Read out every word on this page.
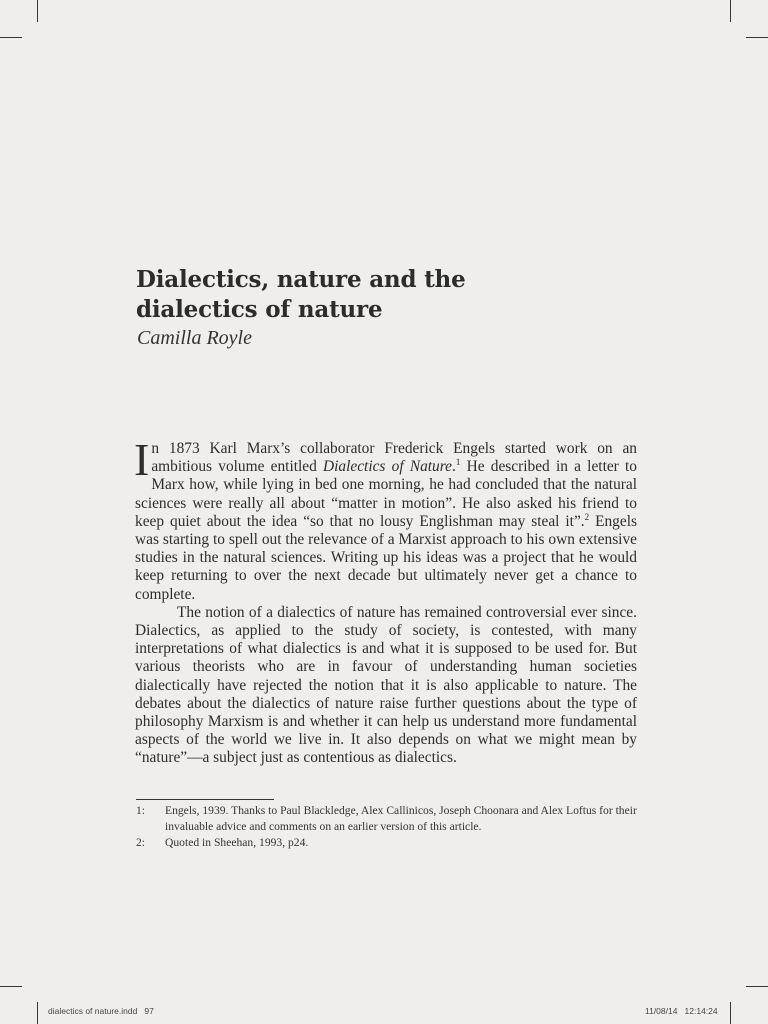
Dialectics, nature and the
dialectics of nature
Camilla Royle

In 1873 Karl Marx’s collaborator Frederick Engels started work on an ambitious volume entitled Dialectics of Nature.$^1$ He described in a letter to Marx how, while lying in bed one morning, he had concluded that the natural sciences were really all about “matter in motion”. He also asked his friend to keep quiet about the idea “so that no lousy Englishman may steal it”.$^2$ Engels was starting to spell out the relevance of a Marxist approach to his own extensive studies in the natural sciences. Writing up his ideas was a project that he would keep returning to over the next decade but ultimately never get a chance to complete.

The notion of a dialectics of nature has remained controversial ever since. Dialectics, as applied to the study of society, is contested, with many interpretations of what dialectics is and what it is supposed to be used for. But various theorists who are in favour of understanding human societies dialectically have rejected the notion that it is also applicable to nature. The debates about the dialectics of nature raise further questions about the type of philosophy Marxism is and whether it can help us understand more fundamental aspects of the world we live in. It also depends on what we might mean by “nature”—a subject just as contentious as dialectics.

1:	Engels, 1939. Thanks to Paul Blackledge, Alex Callinicos, Joseph Choonara and Alex Loftus for their invaluable advice and comments on an earlier version of this article.
2:	Quoted in Sheehan, 1993, p24.
dialectics of nature.indd   97	11/08/14   12:14:24
